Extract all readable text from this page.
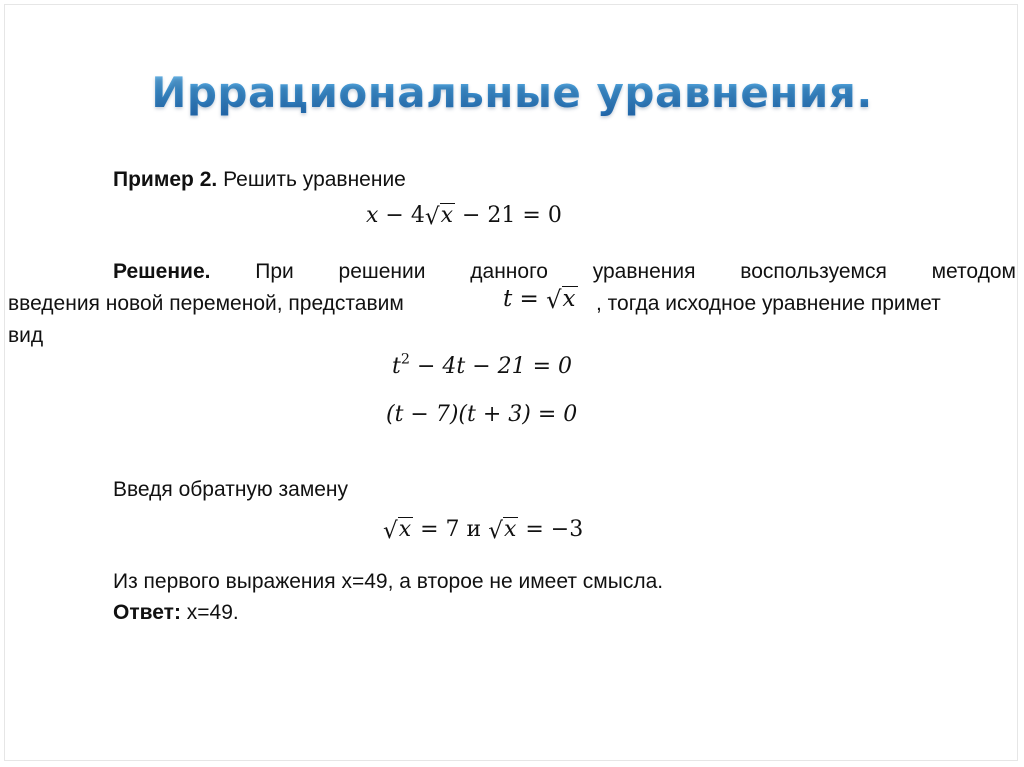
Иррациональные уравнения.
Пример 2. Решить уравнение
x − 4√x − 21 = 0
Решение. При решении данного уравнения воспользуемся методом
введения новой переменой, представим	t = √x , тогда исходное уравнение примет
вид
$t^2 - 4t - 21 = 0$
(t − 7)(t + 3) = 0
Введя обратную замену
√x = 7 и √x = −3
Из первого выражения x=49, а второе не имеет смысла.
Ответ: x=49.
